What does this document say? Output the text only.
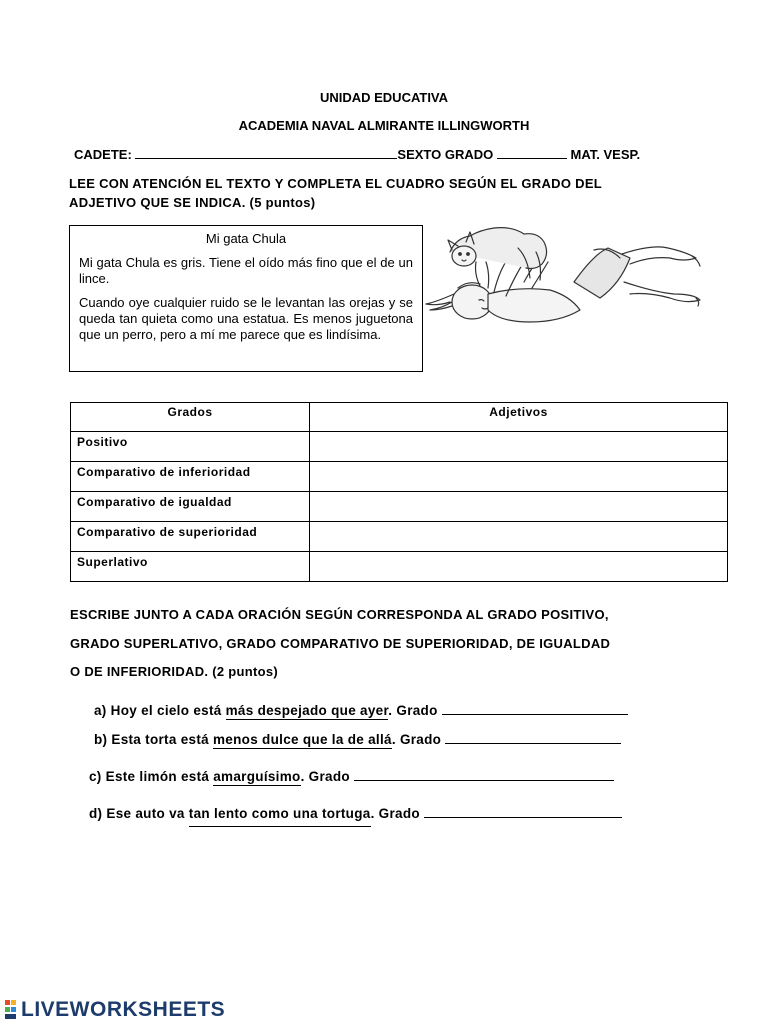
UNIDAD EDUCATIVA
ACADEMIA NAVAL ALMIRANTE ILLINGWORTH
CADETE:	SEXTO GRADO	MAT. VESP.
LEE CON ATENCIÓN EL TEXTO Y COMPLETA EL CUADRO SEGÚN EL GRADO DEL
ADJETIVO QUE SE INDICA. (5 puntos)
Mi gata Chula

Mi gata Chula es gris. Tiene el oído más fino que el de un lince.

Cuando oye cualquier ruido se le levantan las orejas y se queda tan quieta como una estatua. Es menos juguetona que un perro, pero a mí me parece que es lindísima.

Grados	Adjetivos
Positivo	
Comparativo de inferioridad	
Comparativo de igualdad	
Comparativo de superioridad	
Superlativo	
ESCRIBE JUNTO A CADA ORACIÓN SEGÚN CORRESPONDA AL GRADO POSITIVO,
GRADO SUPERLATIVO, GRADO COMPARATIVO DE SUPERIORIDAD, DE IGUALDAD
O DE INFERIORIDAD. (2 puntos)
a) Hoy el cielo está más despejado que ayer. Grado
b) Esta torta está menos dulce que la de allá. Grado
c) Este limón está amarguísimo. Grado
d) Ese auto va tan lento como una tortuga. Grado
LIVEWORKSHEETS
